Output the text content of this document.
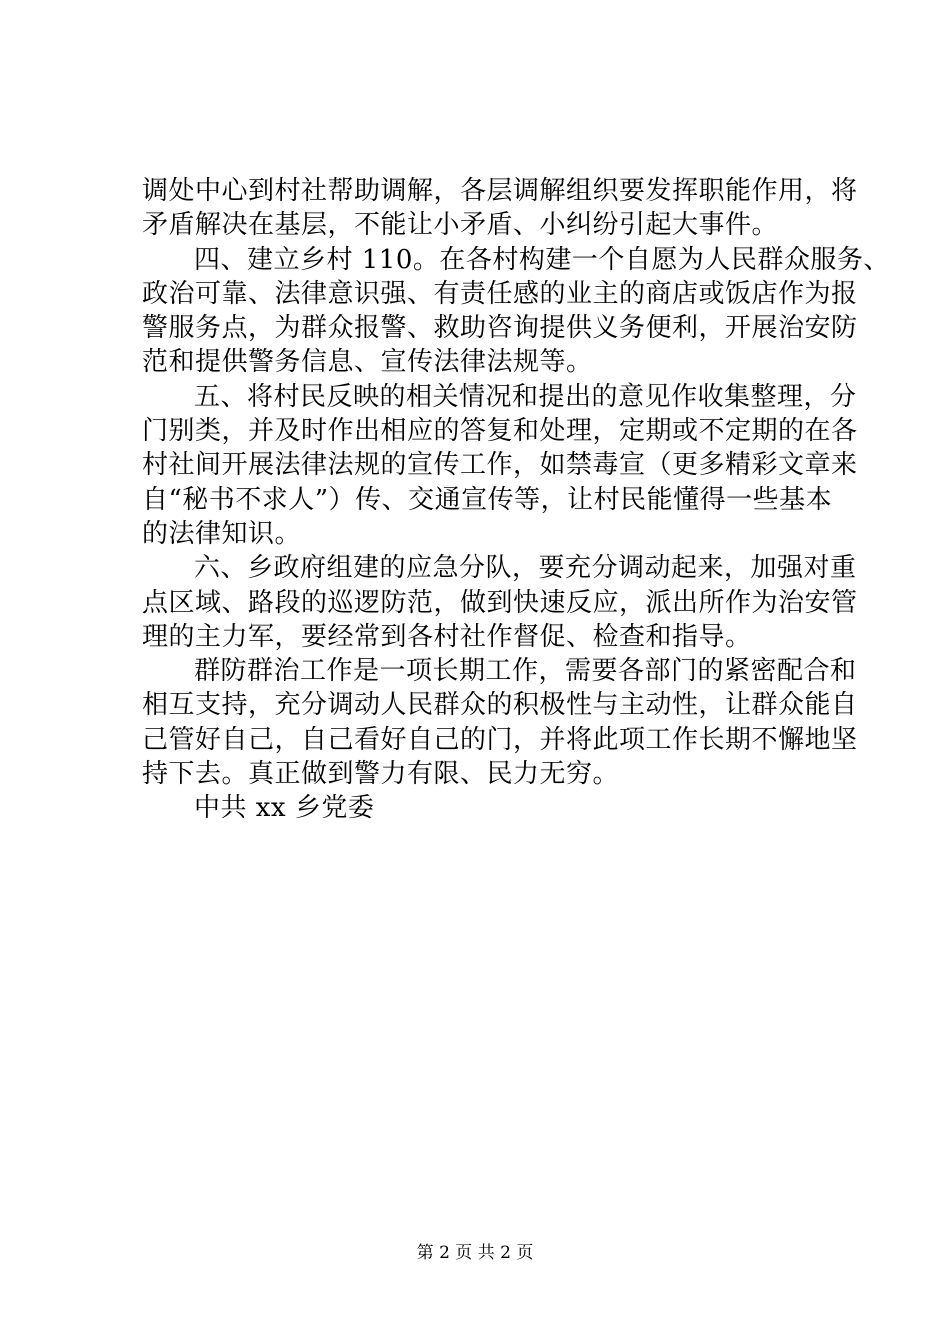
调处中心到村社帮助调解，各层调解组织要发挥职能作用，将
矛盾解决在基层，不能让小矛盾、小纠纷引起大事件。
四、建立乡村 110。在各村构建一个自愿为人民群众服务、
政治可靠、法律意识强、有责任感的业主的商店或饭店作为报
警服务点，为群众报警、救助咨询提供义务便利，开展治安防
范和提供警务信息、宣传法律法规等。
五、将村民反映的相关情况和提出的意见作收集整理，分
门别类，并及时作出相应的答复和处理，定期或不定期的在各
村社间开展法律法规的宣传工作，如禁毒宣（更多精彩文章来
自“秘书不求人”）传、交通宣传等，让村民能懂得一些基本
的法律知识。
六、乡政府组建的应急分队，要充分调动起来，加强对重
点区域、路段的巡逻防范，做到快速反应，派出所作为治安管
理的主力军，要经常到各村社作督促、检查和指导。
群防群治工作是一项长期工作，需要各部门的紧密配合和
相互支持，充分调动人民群众的积极性与主动性，让群众能自
己管好自己，自己看好自己的门，并将此项工作长期不懈地坚
持下去。真正做到警力有限、民力无穷。
中共 xx 乡党委
第 2 页 共 2 页
